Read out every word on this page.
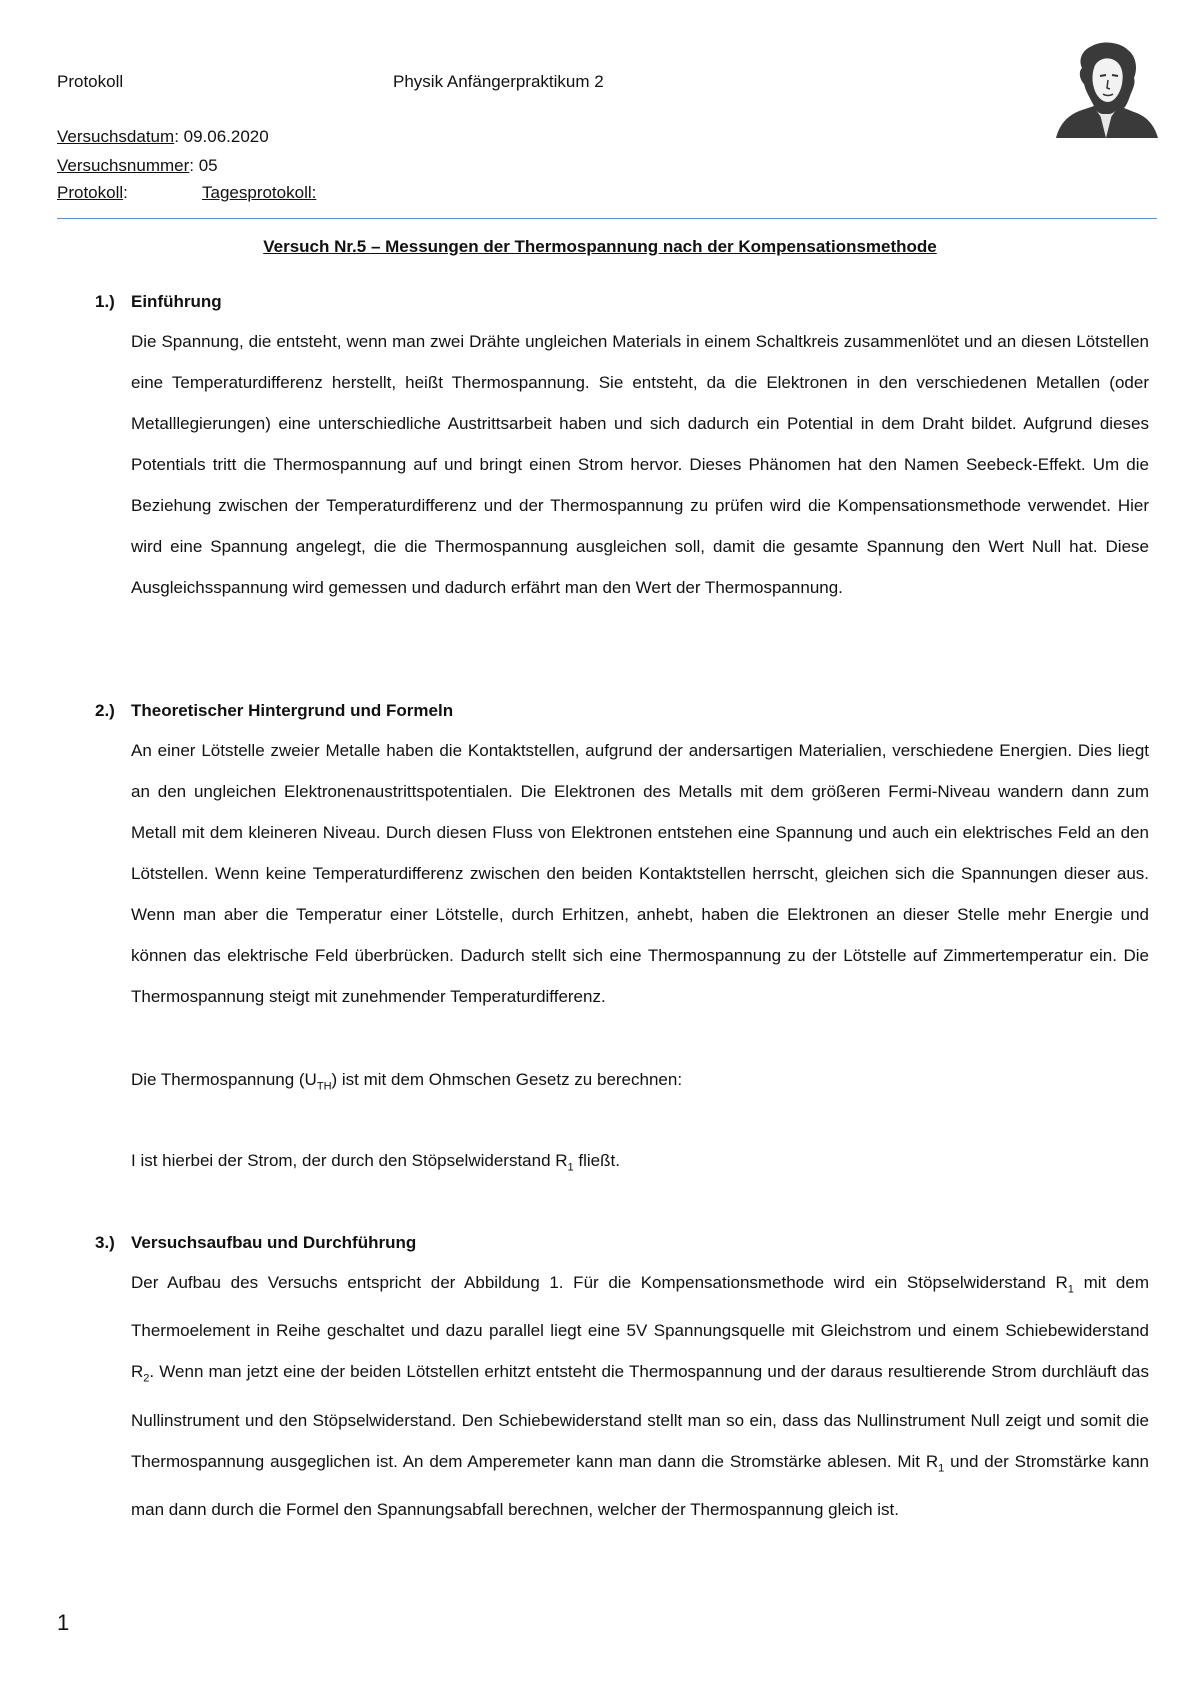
Protokoll	Physik Anfängerpraktikum 2
Versuchsdatum: 09.06.2020
Versuchsnummer: 05
Protokoll:	Tagesprotokoll:
Versuch Nr.5 – Messungen der Thermospannung nach der Kompensationsmethode
1.) Einführung
Die Spannung, die entsteht, wenn man zwei Drähte ungleichen Materials in einem Schaltkreis zusammenlötet und an diesen Lötstellen eine Temperaturdifferenz herstellt, heißt Thermospannung. Sie entsteht, da die Elektronen in den verschiedenen Metallen (oder Metalllegierungen) eine unterschiedliche Austrittsarbeit haben und sich dadurch ein Potential in dem Draht bildet. Aufgrund dieses Potentials tritt die Thermospannung auf und bringt einen Strom hervor. Dieses Phänomen hat den Namen Seebeck-Effekt. Um die Beziehung zwischen der Temperaturdifferenz und der Thermospannung zu prüfen wird die Kompensationsmethode verwendet. Hier wird eine Spannung angelegt, die die Thermospannung ausgleichen soll, damit die gesamte Spannung den Wert Null hat. Diese Ausgleichsspannung wird gemessen und dadurch erfährt man den Wert der Thermospannung.
2.) Theoretischer Hintergrund und Formeln
An einer Lötstelle zweier Metalle haben die Kontaktstellen, aufgrund der andersartigen Materialien, verschiedene Energien. Dies liegt an den ungleichen Elektronenaustrittspotentialen. Die Elektronen des Metalls mit dem größeren Fermi-Niveau wandern dann zum Metall mit dem kleineren Niveau. Durch diesen Fluss von Elektronen entstehen eine Spannung und auch ein elektrisches Feld an den Lötstellen. Wenn keine Temperaturdifferenz zwischen den beiden Kontaktstellen herrscht, gleichen sich die Spannungen dieser aus. Wenn man aber die Temperatur einer Lötstelle, durch Erhitzen, anhebt, haben die Elektronen an dieser Stelle mehr Energie und können das elektrische Feld überbrücken. Dadurch stellt sich eine Thermospannung zu der Lötstelle auf Zimmertemperatur ein. Die Thermospannung steigt mit zunehmender Temperaturdifferenz.
Die Thermospannung $(U_{TH})$ ist mit dem Ohmschen Gesetz zu berechnen:
I ist hierbei der Strom, der durch den Stöpselwiderstand $R_1$ fließt.
3.) Versuchsaufbau und Durchführung
Der Aufbau des Versuchs entspricht der Abbildung 1. Für die Kompensationsmethode wird ein Stöpselwiderstand $R_1$ mit dem Thermoelement in Reihe geschaltet und dazu parallel liegt eine 5V Spannungsquelle mit Gleichstrom und einem Schiebewiderstand $R_2$. Wenn man jetzt eine der beiden Lötstellen erhitzt entsteht die Thermospannung und der daraus resultierende Strom durchläuft das Nullinstrument und den Stöpselwiderstand. Den Schiebewiderstand stellt man so ein, dass das Nullinstrument Null zeigt und somit die Thermospannung ausgeglichen ist. An dem Amperemeter kann man dann die Stromstärke ablesen. Mit $R_1$ und der Stromstärke kann man dann durch die Formel den Spannungsabfall berechnen, welcher der Thermospannung gleich ist.
1
